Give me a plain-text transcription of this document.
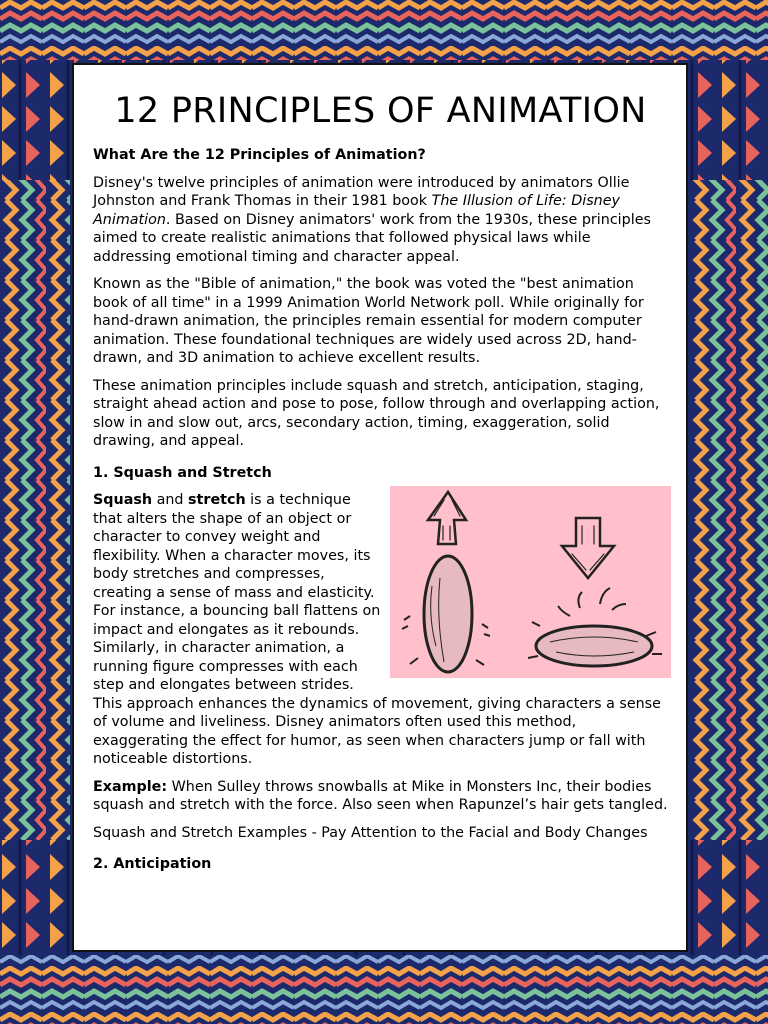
12 PRINCIPLES OF ANIMATION
What Are the 12 Principles of Animation?

Disney's twelve principles of animation were introduced by animators Ollie Johnston and Frank Thomas in their 1981 book The Illusion of Life: Disney Animation. Based on Disney animators' work from the 1930s, these principles aimed to create realistic animations that followed physical laws while addressing emotional timing and character appeal.

Known as the "Bible of animation," the book was voted the "best animation book of all time" in a 1999 Animation World Network poll. While originally for hand-drawn animation, the principles remain essential for modern computer animation. These foundational techniques are widely used across 2D, hand-drawn, and 3D animation to achieve excellent results.

These animation principles include squash and stretch, anticipation, staging, straight ahead action and pose to pose, follow through and overlapping action, slow in and slow out, arcs, secondary action, timing, exaggeration, solid drawing, and appeal.

1. Squash and Stretch

Squash and stretch is a technique that alters the shape of an object or character to convey weight and flexibility. When a character moves, its body stretches and compresses, creating a sense of mass and elasticity. For instance, a bouncing ball flattens on impact and elongates as it rebounds. Similarly, in character animation, a running figure compresses with each step and elongates between strides. This approach enhances the dynamics of movement, giving characters a sense of volume and liveliness. Disney animators often used this method, exaggerating the effect for humor, as seen when characters jump or fall with noticeable distortions.

Example: When Sulley throws snowballs at Mike in Monsters Inc, their bodies squash and stretch with the force. Also seen when Rapunzel’s hair gets tangled.

Squash and Stretch Examples - Pay Attention to the Facial and Body Changes

2. Anticipation
